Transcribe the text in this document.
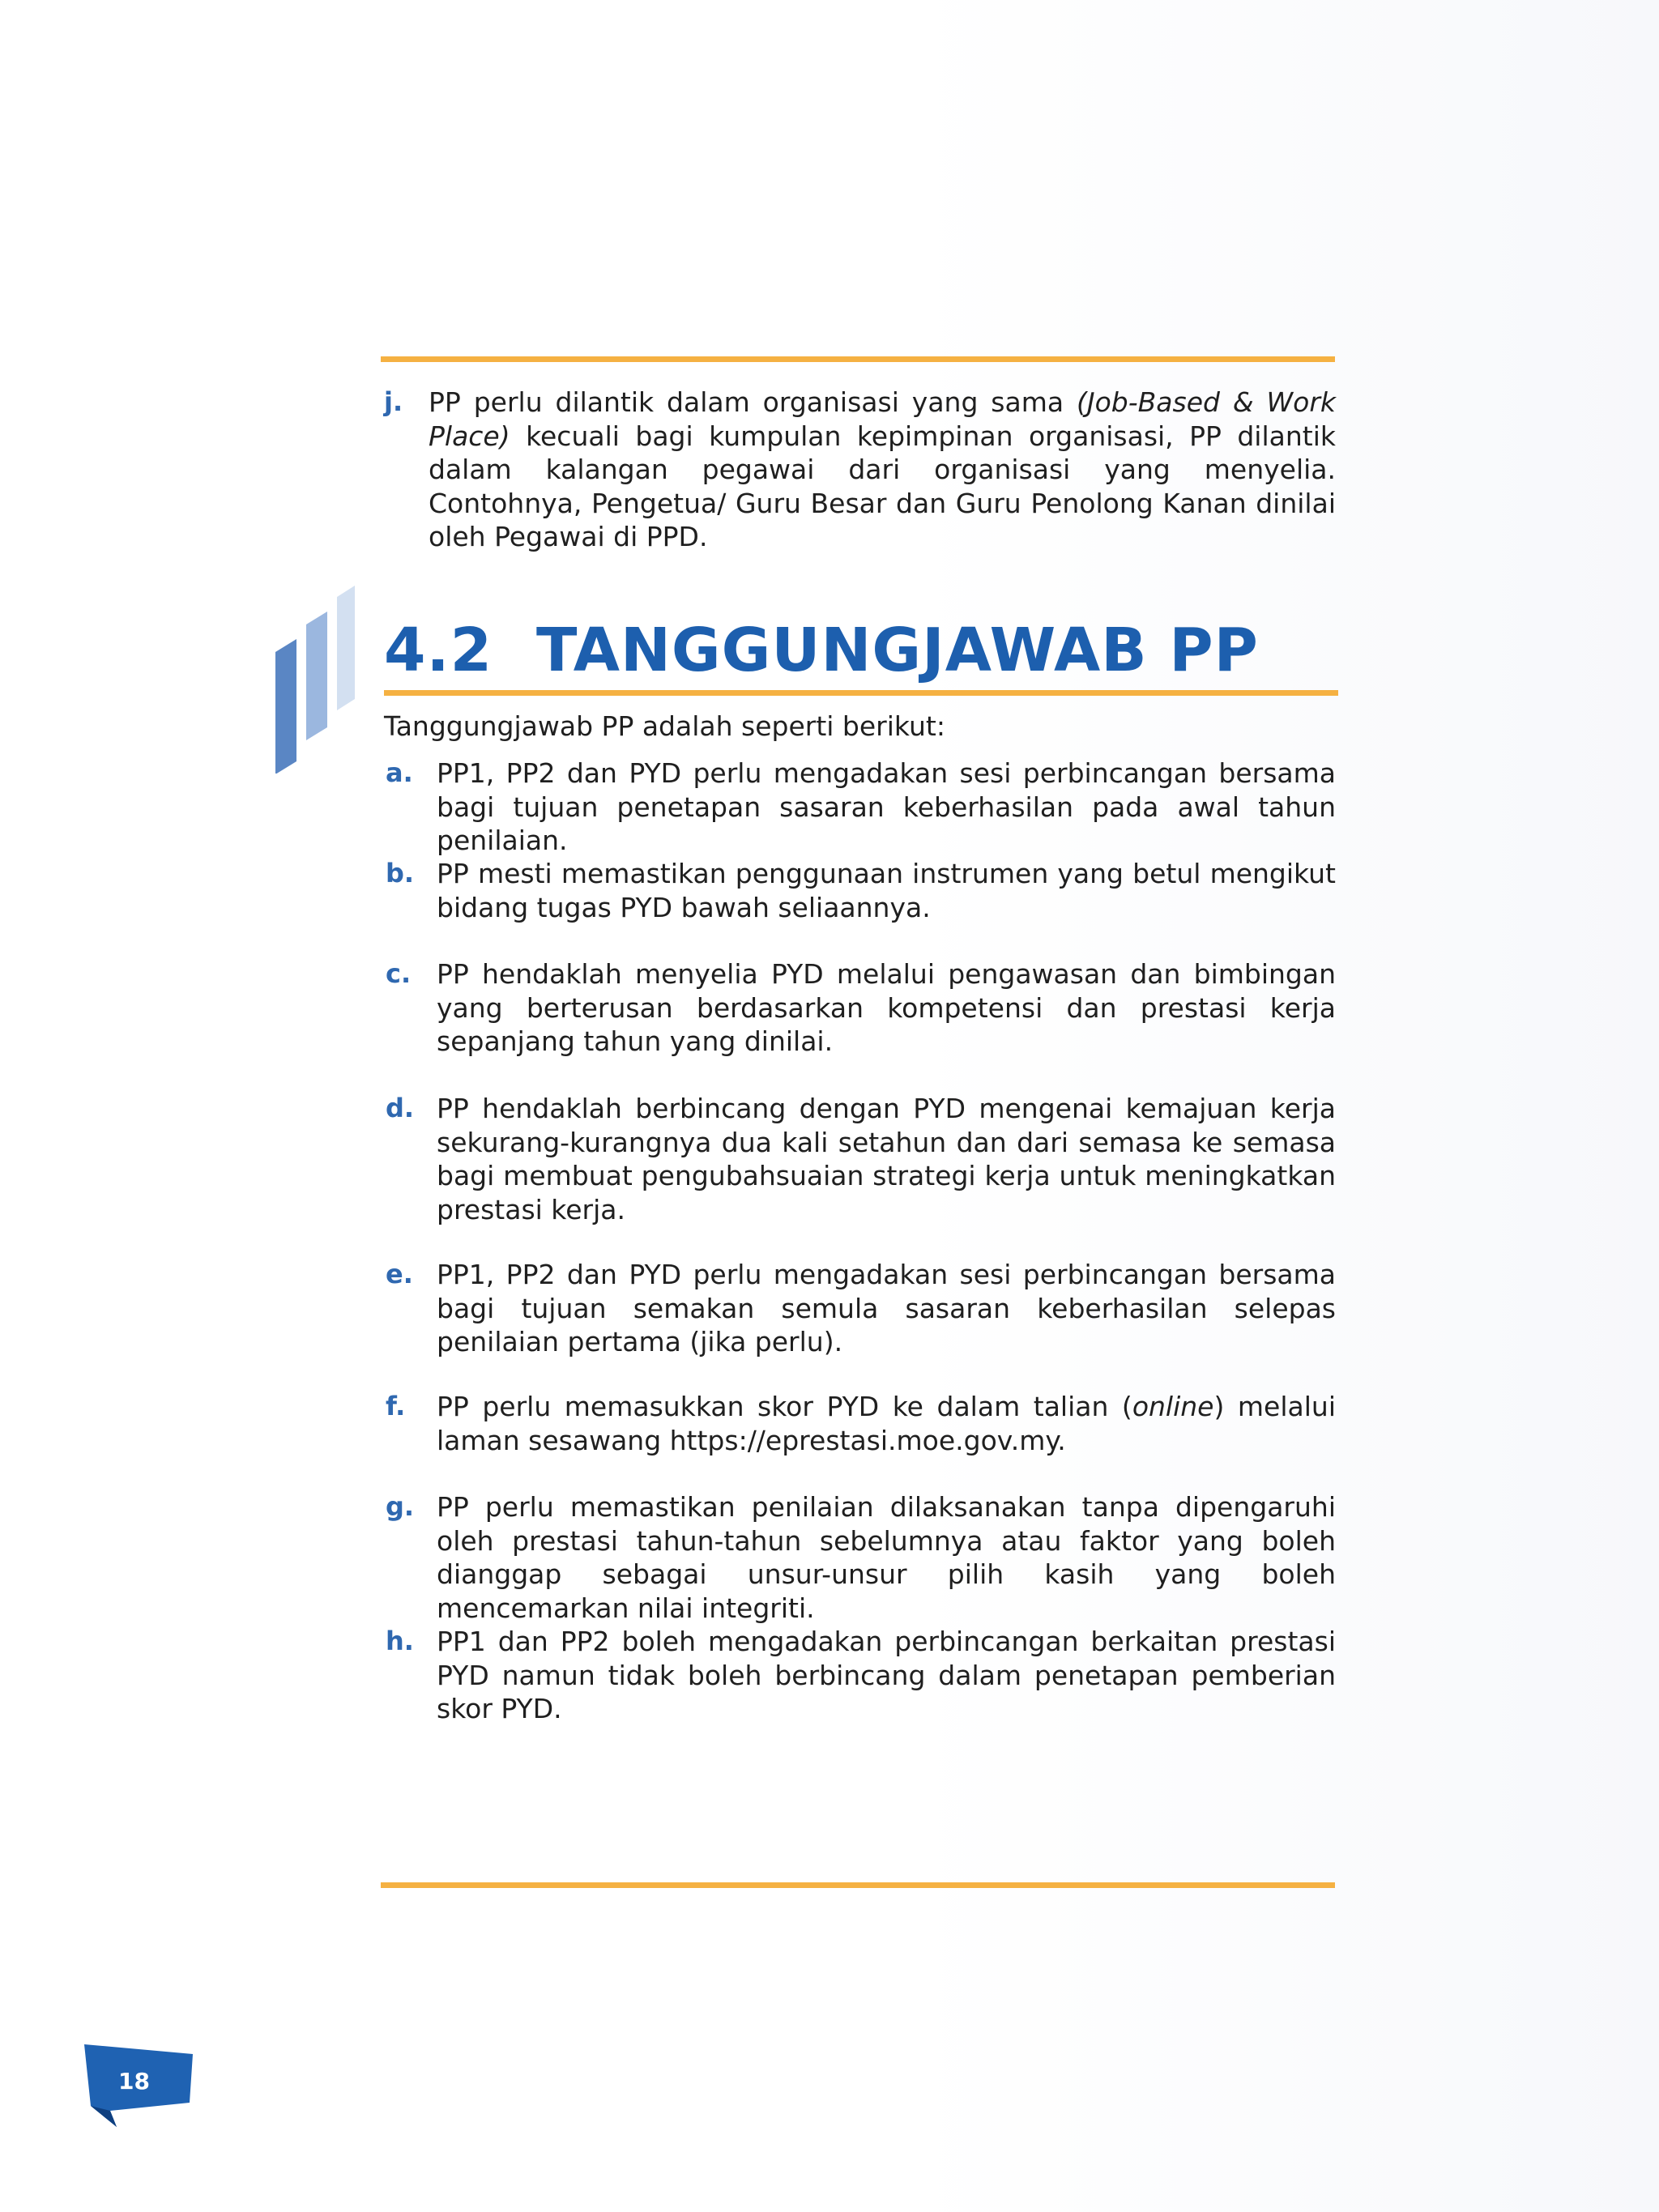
j. PP perlu dilantik dalam organisasi yang sama (Job-Based & Work Place) kecuali bagi kumpulan kepimpinan organisasi, PP dilantik dalam kalangan pegawai dari organisasi yang menyelia. Contohnya, Pengetua/ Guru Besar dan Guru Penolong Kanan dinilai oleh Pegawai di PPD.
4.2 TANGGUNGJAWAB PP
Tanggungjawab PP adalah seperti berikut:
a. PP1, PP2 dan PYD perlu mengadakan sesi perbincangan bersama bagi tujuan penetapan sasaran keberhasilan pada awal tahun penilaian.
b. PP mesti memastikan penggunaan instrumen yang betul mengikut bidang tugas PYD bawah seliaannya.
c. PP hendaklah menyelia PYD melalui pengawasan dan bimbingan yang berterusan berdasarkan kompetensi dan prestasi kerja sepanjang tahun yang dinilai.
d. PP hendaklah berbincang dengan PYD mengenai kemajuan kerja sekurang-kurangnya dua kali setahun dan dari semasa ke semasa bagi membuat pengubahsuaian strategi kerja untuk meningkatkan prestasi kerja.
e. PP1, PP2 dan PYD perlu mengadakan sesi perbincangan bersama bagi tujuan semakan semula sasaran keberhasilan selepas penilaian pertama (jika perlu).
f. PP perlu memasukkan skor PYD ke dalam talian (online) melalui laman sesawang https://eprestasi.moe.gov.my.
g. PP perlu memastikan penilaian dilaksanakan tanpa dipengaruhi oleh prestasi tahun-tahun sebelumnya atau faktor yang boleh dianggap sebagai unsur-unsur pilih kasih yang boleh mencemarkan nilai integriti.
h. PP1 dan PP2 boleh mengadakan perbincangan berkaitan prestasi PYD namun tidak boleh berbincang dalam penetapan pemberian skor PYD.
18
